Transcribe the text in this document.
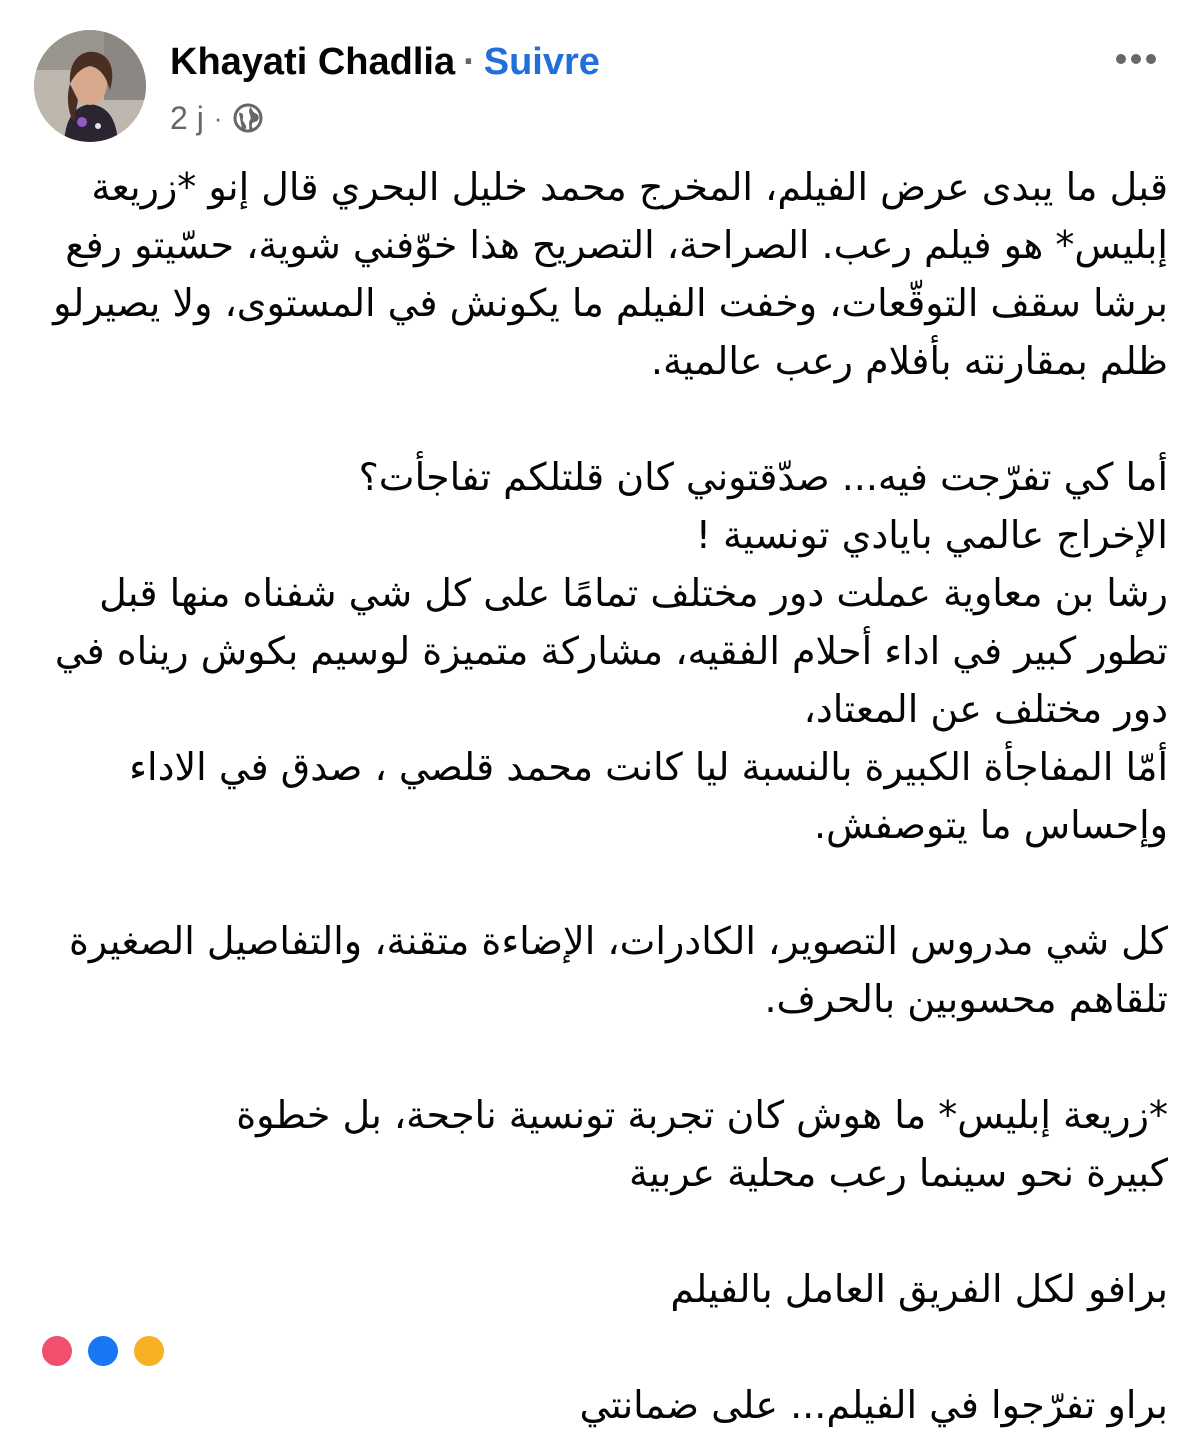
Khayati Chadlia · Suivre
2 j ·

قبل ما يبدى عرض الفيلم، المخرج محمد خليل البحري قال إنو *زريعة
إبليس* هو فيلم رعب. الصراحة، التصريح هذا خوّفني شوية، حسّيتو رفع
برشا سقف التوقّعات، وخفت الفيلم ما يكونش في المستوى، ولا يصيرلو
ظلم بمقارنته بأفلام رعب عالمية.

أما كي تفرّجت فيه... صدّقتوني كان قلتلكم تفاجأت؟
الإخراج عالمي بايادي تونسية !
رشا بن معاوية عملت دور مختلف تمامًا على كل شي شفناه منها قبل
تطور كبير في اداء أحلام الفقيه، مشاركة متميزة لوسيم بكوش ريناه في
دور مختلف عن المعتاد،
أمّا المفاجأة الكبيرة بالنسبة ليا كانت محمد قلصي ، صدق في الاداء
وإحساس ما يتوصفش.

كل شي مدروس التصوير، الكادرات، الإضاءة متقنة، والتفاصيل الصغيرة
تلقاهم محسوبين بالحرف.

*زريعة إبليس* ما هوش كان تجربة تونسية ناجحة، بل خطوة
كبيرة نحو سينما رعب محلية عربية

برافو لكل الفريق العامل بالفيلم

براو تفرّجوا في الفيلم... على ضمانتي
